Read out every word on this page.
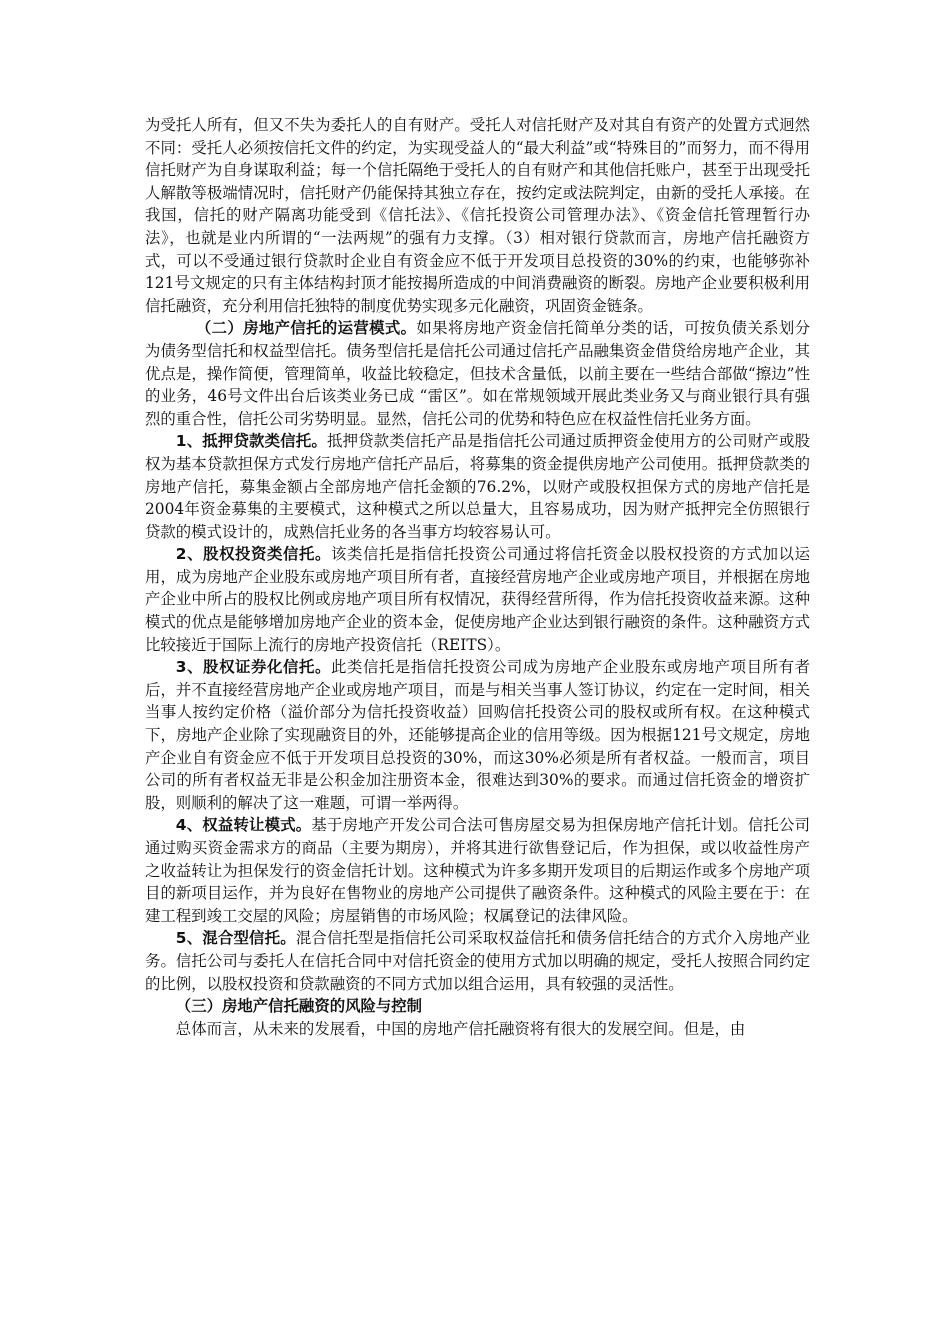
为受托人所有，但又不失为委托人的自有财产。受托人对信托财产及对其自有资产的处置方式迥然不同：受托人必须按信托文件的约定，为实现受益人的“最大利益”或“特殊目的”而努力，而不得用信托财产为自身谋取利益；每一个信托隔绝于受托人的自有财产和其他信托账户，甚至于出现受托人解散等极端情况时，信托财产仍能保持其独立存在，按约定或法院判定，由新的受托人承接。在我国，信托的财产隔离功能受到《信托法》、《信托投资公司管理办法》、《资金信托管理暂行办法》，也就是业内所谓的“一法两规”的强有力支撑。（3）相对银行贷款而言，房地产信托融资方式，可以不受通过银行贷款时企业自有资金应不低于开发项目总投资的30%的约束，也能够弥补121号文规定的只有主体结构封顶才能按揭所造成的中间消费融资的断裂。房地产企业要积极利用信托融资，充分利用信托独特的制度优势实现多元化融资，巩固资金链条。

（二）房地产信托的运营模式。如果将房地产资金信托简单分类的话，可按负债关系划分为债务型信托和权益型信托。债务型信托是信托公司通过信托产品融集资金借贷给房地产企业，其优点是，操作简便，管理简单，收益比较稳定，但技术含量低，以前主要在一些结合部做“擦边”性的业务，46号文件出台后该类业务已成 “雷区”。如在常规领域开展此类业务又与商业银行具有强烈的重合性，信托公司劣势明显。显然，信托公司的优势和特色应在权益性信托业务方面。

1、抵押贷款类信托。抵押贷款类信托产品是指信托公司通过质押资金使用方的公司财产或股权为基本贷款担保方式发行房地产信托产品后，将募集的资金提供房地产公司使用。抵押贷款类的房地产信托，募集金额占全部房地产信托金额的76.2%，以财产或股权担保方式的房地产信托是2004年资金募集的主要模式，这种模式之所以总量大，且容易成功，因为财产抵押完全仿照银行贷款的模式设计的，成熟信托业务的各当事方均较容易认可。

2、股权投资类信托。该类信托是指信托投资公司通过将信托资金以股权投资的方式加以运用，成为房地产企业股东或房地产项目所有者，直接经营房地产企业或房地产项目，并根据在房地产企业中所占的股权比例或房地产项目所有权情况，获得经营所得，作为信托投资收益来源。这种模式的优点是能够增加房地产企业的资本金，促使房地产企业达到银行融资的条件。这种融资方式比较接近于国际上流行的房地产投资信托（REITS）。

3、股权证券化信托。此类信托是指信托投资公司成为房地产企业股东或房地产项目所有者后，并不直接经营房地产企业或房地产项目，而是与相关当事人签订协议，约定在一定时间，相关当事人按约定价格（溢价部分为信托投资收益）回购信托投资公司的股权或所有权。在这种模式下，房地产企业除了实现融资目的外，还能够提高企业的信用等级。因为根据121号文规定，房地产企业自有资金应不低于开发项目总投资的30%，而这30%必须是所有者权益。一般而言，项目公司的所有者权益无非是公积金加注册资本金，很难达到30%的要求。而通过信托资金的增资扩股，则顺利的解决了这一难题，可谓一举两得。

4、权益转让模式。基于房地产开发公司合法可售房屋交易为担保房地产信托计划。信托公司通过购买资金需求方的商品（主要为期房），并将其进行欲售登记后，作为担保，或以收益性房产之收益转让为担保发行的资金信托计划。这种模式为许多多期开发项目的后期运作或多个房地产项目的新项目运作，并为良好在售物业的房地产公司提供了融资条件。这种模式的风险主要在于：在建工程到竣工交屋的风险；房屋销售的市场风险；权属登记的法律风险。

5、混合型信托。混合信托型是指信托公司采取权益信托和债务信托结合的方式介入房地产业务。信托公司与委托人在信托合同中对信托资金的使用方式加以明确的规定，受托人按照合同约定的比例，以股权投资和贷款融资的不同方式加以组合运用，具有较强的灵活性。

（三）房地产信托融资的风险与控制

总体而言，从未来的发展看，中国的房地产信托融资将有很大的发展空间。但是，由
